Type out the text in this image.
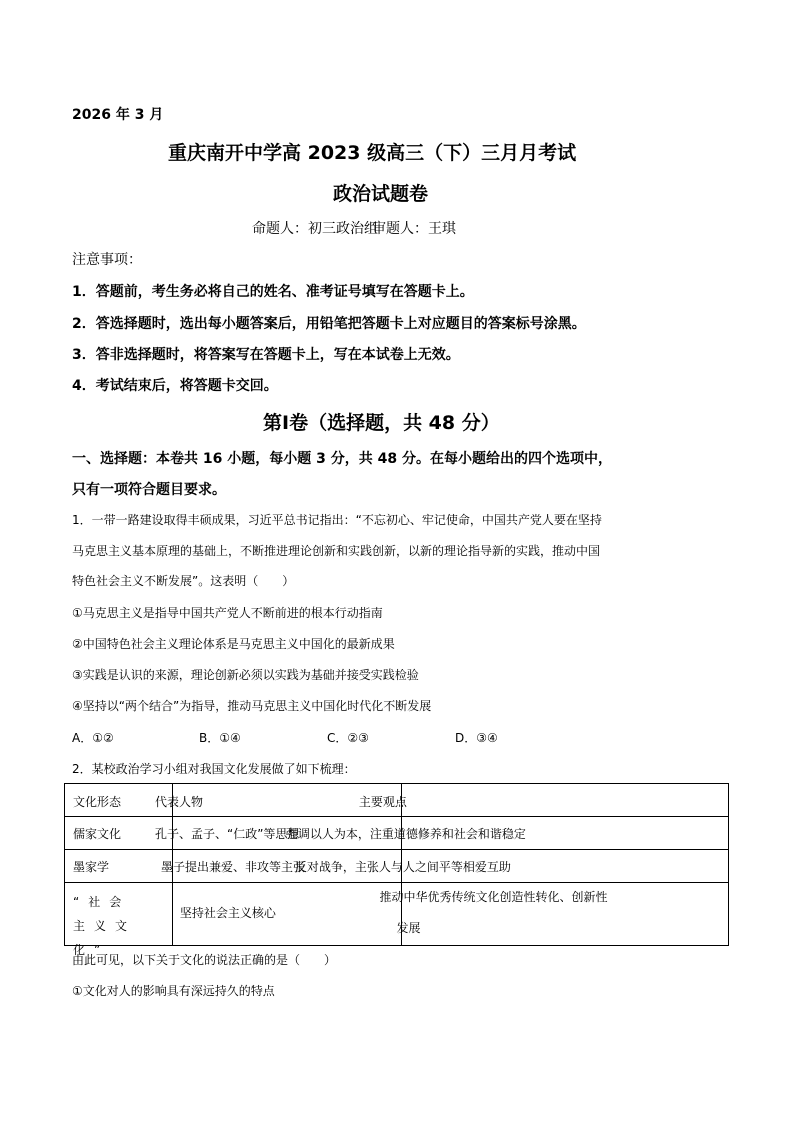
2026 年 3 月
重庆南开中学高 2023 级高三（下）三月月考试
政治试题卷
命题人：初三政治组
审题人：王琪
注意事项：
1．答题前，考生务必将自己的姓名、准考证号填写在答题卡上。
2．答选择题时，选出每小题答案后，用铅笔把答题卡上对应题目的答案标号涂黑。
3．答非选择题时，将答案写在答题卡上，写在本试卷上无效。
4．考试结束后，将答题卡交回。
第Ⅰ卷（选择题，共 48 分）
一、选择题：本卷共 16 小题，每小题 3 分，共 48 分。在每小题给出的四个选项中，
只有一项符合题目要求。
1．一带一路建设取得丰硕成果，习近平总书记指出：“不忘初心、牢记使命，中国共产党人要在坚持
马克思主义基本原理的基础上，不断推进理论创新和实践创新，以新的理论指导新的实践，推动中国
特色社会主义不断发展”。这表明（　　）
①马克思主义是指导中国共产党人不断前进的根本行动指南
②中国特色社会主义理论体系是马克思主义中国化的最新成果
③实践是认识的来源，理论创新必须以实践为基础并接受实践检验
④坚持以“两个结合”为指导，推动马克思主义中国化时代化不断发展
A．①②	B．①④	C．②③	D．③④
2．某校政治学习小组对我国文化发展做了如下梳理：
文化形态 代表人物	主要观点	

儒家文化 孔子、孟子、“仁政”等思想	强调以人为本，注重道德修养和社会和谐稳定	

墨家学 墨子提出兼爱、非攻等主张	反对战争，主张人与人之间平等相爱互助	

“社会主义文化”	坚持社会主义核心	推动中华优秀传统文化创造性转化、创新性
发展
由此可见，以下关于文化的说法正确的是（　　）
①文化对人的影响具有深远持久的特点
